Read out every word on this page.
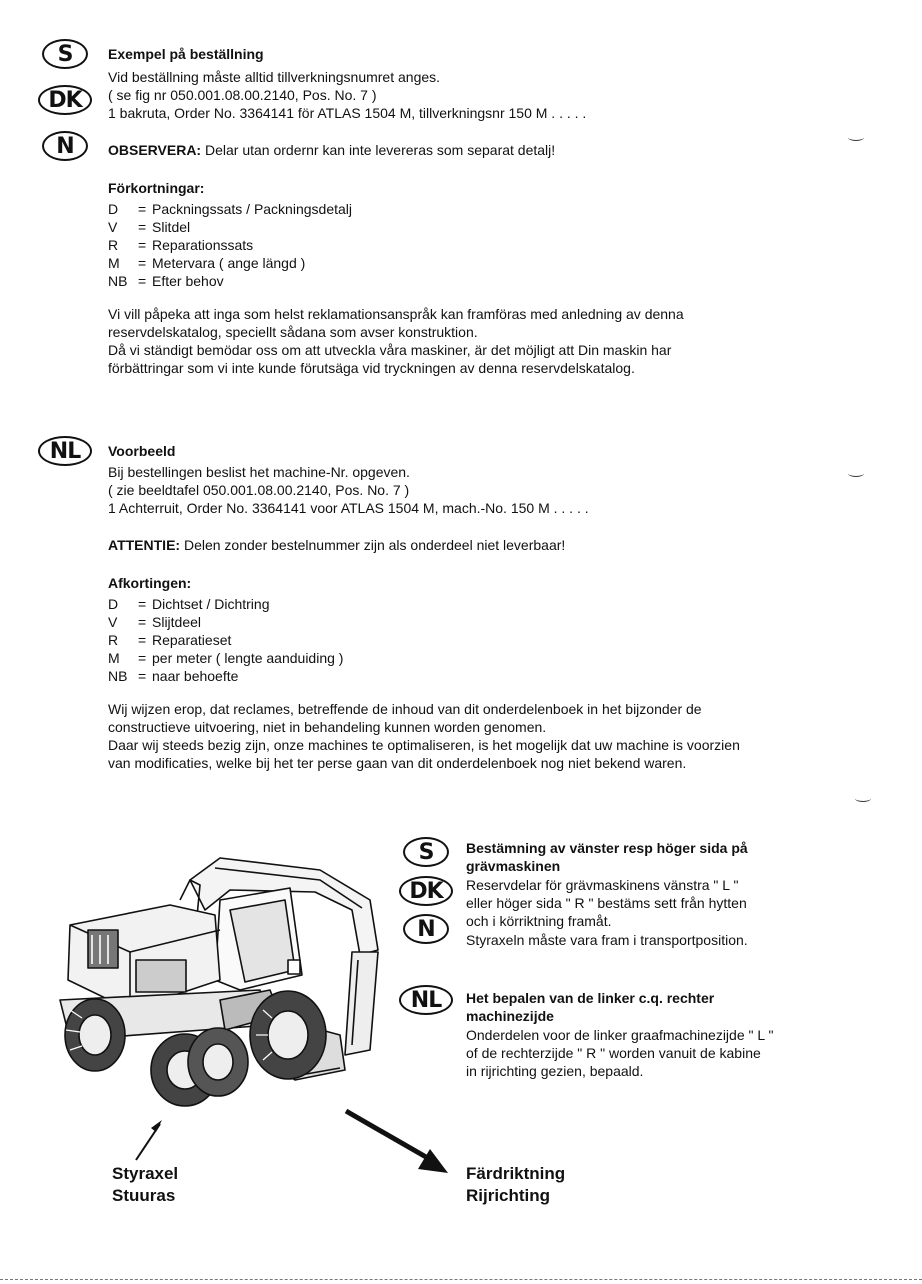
S
DK
N
Exempel på beställning
Vid beställning måste alltid tillverkningsnumret anges.
( se fig nr 050.001.08.00.2140, Pos. No. 7 )
1 bakruta, Order No. 3364141 för ATLAS 1504 M, tillverkningsnr 150 M . . . . .
OBSERVERA: Delar utan ordernr kan inte levereras som separat detalj!
Förkortningar:
D	= Packningssats / Packningsdetalj
V	= Slitdel
R	= Reparationssats
M	= Metervara ( ange längd )
NB = Efter behov
Vi vill påpeka att inga som helst reklamationsanspråk kan framföras med anledning av denna
reservdelskatalog, speciellt sådana som avser konstruktion.
Då vi ständigt bemödar oss om att utveckla våra maskiner, är det möjligt att Din maskin har
förbättringar som vi inte kunde förutsäga vid tryckningen av denna reservdelskatalog.
NL	Voorbeeld
Bij bestellingen beslist het machine-Nr. opgeven.
( zie beeldtafel 050.001.08.00.2140, Pos. No. 7 )
1 Achterruit, Order No. 3364141 voor ATLAS 1504 M, mach.-No. 150 M . . . . .
ATTENTIE: Delen zonder bestelnummer zijn als onderdeel niet leverbaar!
Afkortingen:
D	= Dichtset / Dichtring
V	= Slijtdeel
R	= Reparatieset
M	= per meter ( lengte aanduiding )
NB = naar behoefte
Wij wijzen erop, dat reclames, betreffende de inhoud van dit onderdelenboek in het bijzonder de
constructieve uitvoering, niet in behandeling kunnen worden genomen.
Daar wij steeds bezig zijn, onze machines te optimaliseren, is het mogelijk dat uw machine is voorzien
van modificaties, welke bij het ter perse gaan van dit onderdelenboek nog niet bekend waren.
Styraxel
Stuuras
Färdriktning
Rijrichting
S
DK
N
NL
Bestämning av vänster resp höger sida på
grävmaskinen
Reservdelar för grävmaskinens vänstra " L "
eller höger sida " R " bestäms sett från hytten
och i körriktning framåt.
Styraxeln måste vara fram i transportposition.
Het bepalen van de linker c.q. rechter
machinezijde
Onderdelen voor de linker graafmachinezijde " L "
of de rechterzijde " R " worden vanuit de kabine
in rijrichting gezien, bepaald.
